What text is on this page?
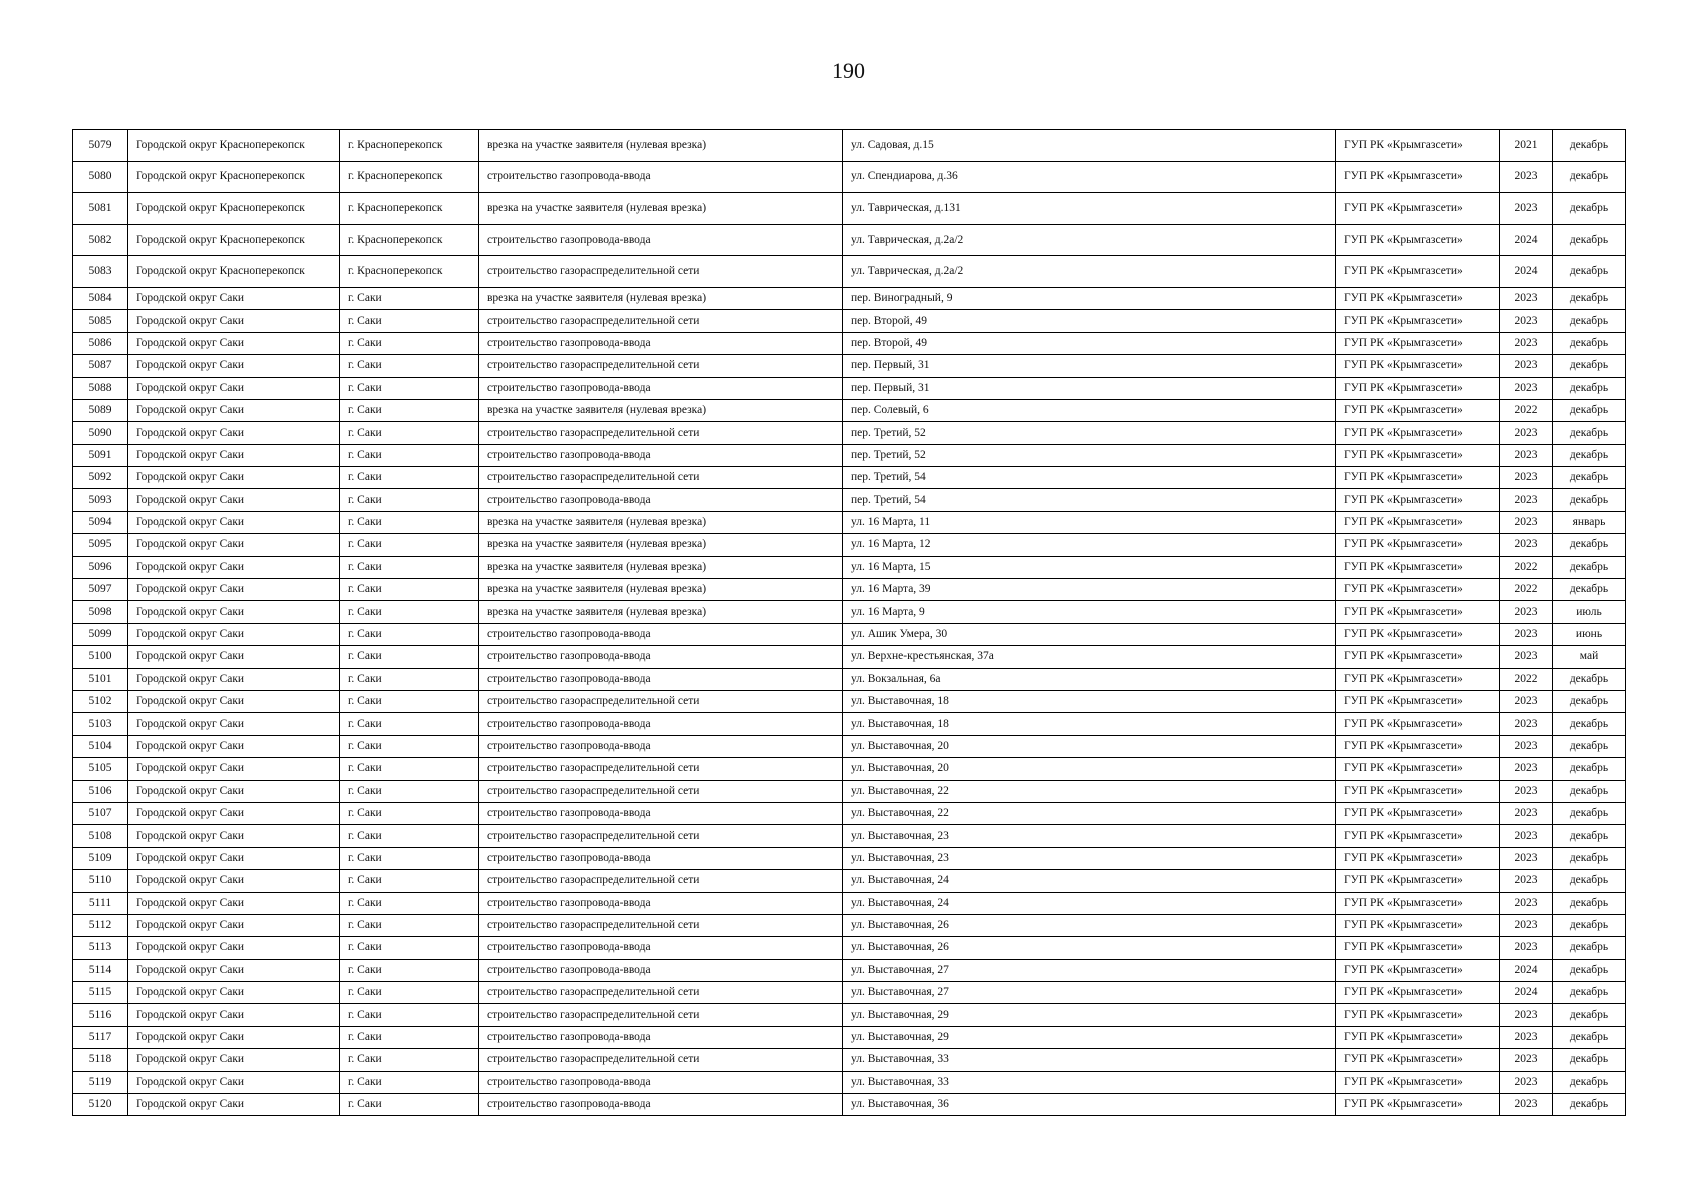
190
5079	Городской округ Красноперекопск	г. Красноперекопск	врезка на участке заявителя (нулевая врезка)	ул. Садовая, д.15	ГУП РК «Крымгазсети»	2021	декабрь
5080	Городской округ Красноперекопск	г. Красноперекопск	строительство газопровода-ввода	ул. Спендиарова, д.36	ГУП РК «Крымгазсети»	2023	декабрь
5081	Городской округ Красноперекопск	г. Красноперекопск	врезка на участке заявителя (нулевая врезка)	ул. Таврическая, д.131	ГУП РК «Крымгазсети»	2023	декабрь
5082	Городской округ Красноперекопск	г. Красноперекопск	строительство газопровода-ввода	ул. Таврическая, д.2а/2	ГУП РК «Крымгазсети»	2024	декабрь
5083	Городской округ Красноперекопск	г. Красноперекопск	строительство газораспределительной сети	ул. Таврическая, д.2а/2	ГУП РК «Крымгазсети»	2024	декабрь
5084	Городской округ Саки	г. Саки	врезка на участке заявителя (нулевая врезка)	пер. Виноградный, 9	ГУП РК «Крымгазсети»	2023	декабрь
5085	Городской округ Саки	г. Саки	строительство газораспределительной сети	пер. Второй, 49	ГУП РК «Крымгазсети»	2023	декабрь
5086	Городской округ Саки	г. Саки	строительство газопровода-ввода	пер. Второй, 49	ГУП РК «Крымгазсети»	2023	декабрь
5087	Городской округ Саки	г. Саки	строительство газораспределительной сети	пер. Первый, 31	ГУП РК «Крымгазсети»	2023	декабрь
5088	Городской округ Саки	г. Саки	строительство газопровода-ввода	пер. Первый, 31	ГУП РК «Крымгазсети»	2023	декабрь
5089	Городской округ Саки	г. Саки	врезка на участке заявителя (нулевая врезка)	пер. Солевый, 6	ГУП РК «Крымгазсети»	2022	декабрь
5090	Городской округ Саки	г. Саки	строительство газораспределительной сети	пер. Третий, 52	ГУП РК «Крымгазсети»	2023	декабрь
5091	Городской округ Саки	г. Саки	строительство газопровода-ввода	пер. Третий, 52	ГУП РК «Крымгазсети»	2023	декабрь
5092	Городской округ Саки	г. Саки	строительство газораспределительной сети	пер. Третий, 54	ГУП РК «Крымгазсети»	2023	декабрь
5093	Городской округ Саки	г. Саки	строительство газопровода-ввода	пер. Третий, 54	ГУП РК «Крымгазсети»	2023	декабрь
5094	Городской округ Саки	г. Саки	врезка на участке заявителя (нулевая врезка)	ул. 16 Марта, 11	ГУП РК «Крымгазсети»	2023	январь
5095	Городской округ Саки	г. Саки	врезка на участке заявителя (нулевая врезка)	ул. 16 Марта, 12	ГУП РК «Крымгазсети»	2023	декабрь
5096	Городской округ Саки	г. Саки	врезка на участке заявителя (нулевая врезка)	ул. 16 Марта, 15	ГУП РК «Крымгазсети»	2022	декабрь
5097	Городской округ Саки	г. Саки	врезка на участке заявителя (нулевая врезка)	ул. 16 Марта, 39	ГУП РК «Крымгазсети»	2022	декабрь
5098	Городской округ Саки	г. Саки	врезка на участке заявителя (нулевая врезка)	ул. 16 Марта, 9	ГУП РК «Крымгазсети»	2023	июль
5099	Городской округ Саки	г. Саки	строительство газопровода-ввода	ул. Ашик Умера, 30	ГУП РК «Крымгазсети»	2023	июнь
5100	Городской округ Саки	г. Саки	строительство газопровода-ввода	ул. Верхне-крестьянская, 37а	ГУП РК «Крымгазсети»	2023	май
5101	Городской округ Саки	г. Саки	строительство газопровода-ввода	ул. Вокзальная, 6а	ГУП РК «Крымгазсети»	2022	декабрь
5102	Городской округ Саки	г. Саки	строительство газораспределительной сети	ул. Выставочная, 18	ГУП РК «Крымгазсети»	2023	декабрь
5103	Городской округ Саки	г. Саки	строительство газопровода-ввода	ул. Выставочная, 18	ГУП РК «Крымгазсети»	2023	декабрь
5104	Городской округ Саки	г. Саки	строительство газопровода-ввода	ул. Выставочная, 20	ГУП РК «Крымгазсети»	2023	декабрь
5105	Городской округ Саки	г. Саки	строительство газораспределительной сети	ул. Выставочная, 20	ГУП РК «Крымгазсети»	2023	декабрь
5106	Городской округ Саки	г. Саки	строительство газораспределительной сети	ул. Выставочная, 22	ГУП РК «Крымгазсети»	2023	декабрь
5107	Городской округ Саки	г. Саки	строительство газопровода-ввода	ул. Выставочная, 22	ГУП РК «Крымгазсети»	2023	декабрь
5108	Городской округ Саки	г. Саки	строительство газораспределительной сети	ул. Выставочная, 23	ГУП РК «Крымгазсети»	2023	декабрь
5109	Городской округ Саки	г. Саки	строительство газопровода-ввода	ул. Выставочная, 23	ГУП РК «Крымгазсети»	2023	декабрь
5110	Городской округ Саки	г. Саки	строительство газораспределительной сети	ул. Выставочная, 24	ГУП РК «Крымгазсети»	2023	декабрь
5111	Городской округ Саки	г. Саки	строительство газопровода-ввода	ул. Выставочная, 24	ГУП РК «Крымгазсети»	2023	декабрь
5112	Городской округ Саки	г. Саки	строительство газораспределительной сети	ул. Выставочная, 26	ГУП РК «Крымгазсети»	2023	декабрь
5113	Городской округ Саки	г. Саки	строительство газопровода-ввода	ул. Выставочная, 26	ГУП РК «Крымгазсети»	2023	декабрь
5114	Городской округ Саки	г. Саки	строительство газопровода-ввода	ул. Выставочная, 27	ГУП РК «Крымгазсети»	2024	декабрь
5115	Городской округ Саки	г. Саки	строительство газораспределительной сети	ул. Выставочная, 27	ГУП РК «Крымгазсети»	2024	декабрь
5116	Городской округ Саки	г. Саки	строительство газораспределительной сети	ул. Выставочная, 29	ГУП РК «Крымгазсети»	2023	декабрь
5117	Городской округ Саки	г. Саки	строительство газопровода-ввода	ул. Выставочная, 29	ГУП РК «Крымгазсети»	2023	декабрь
5118	Городской округ Саки	г. Саки	строительство газораспределительной сети	ул. Выставочная, 33	ГУП РК «Крымгазсети»	2023	декабрь
5119	Городской округ Саки	г. Саки	строительство газопровода-ввода	ул. Выставочная, 33	ГУП РК «Крымгазсети»	2023	декабрь
5120	Городской округ Саки	г. Саки	строительство газопровода-ввода	ул. Выставочная, 36	ГУП РК «Крымгазсети»	2023	декабрь
